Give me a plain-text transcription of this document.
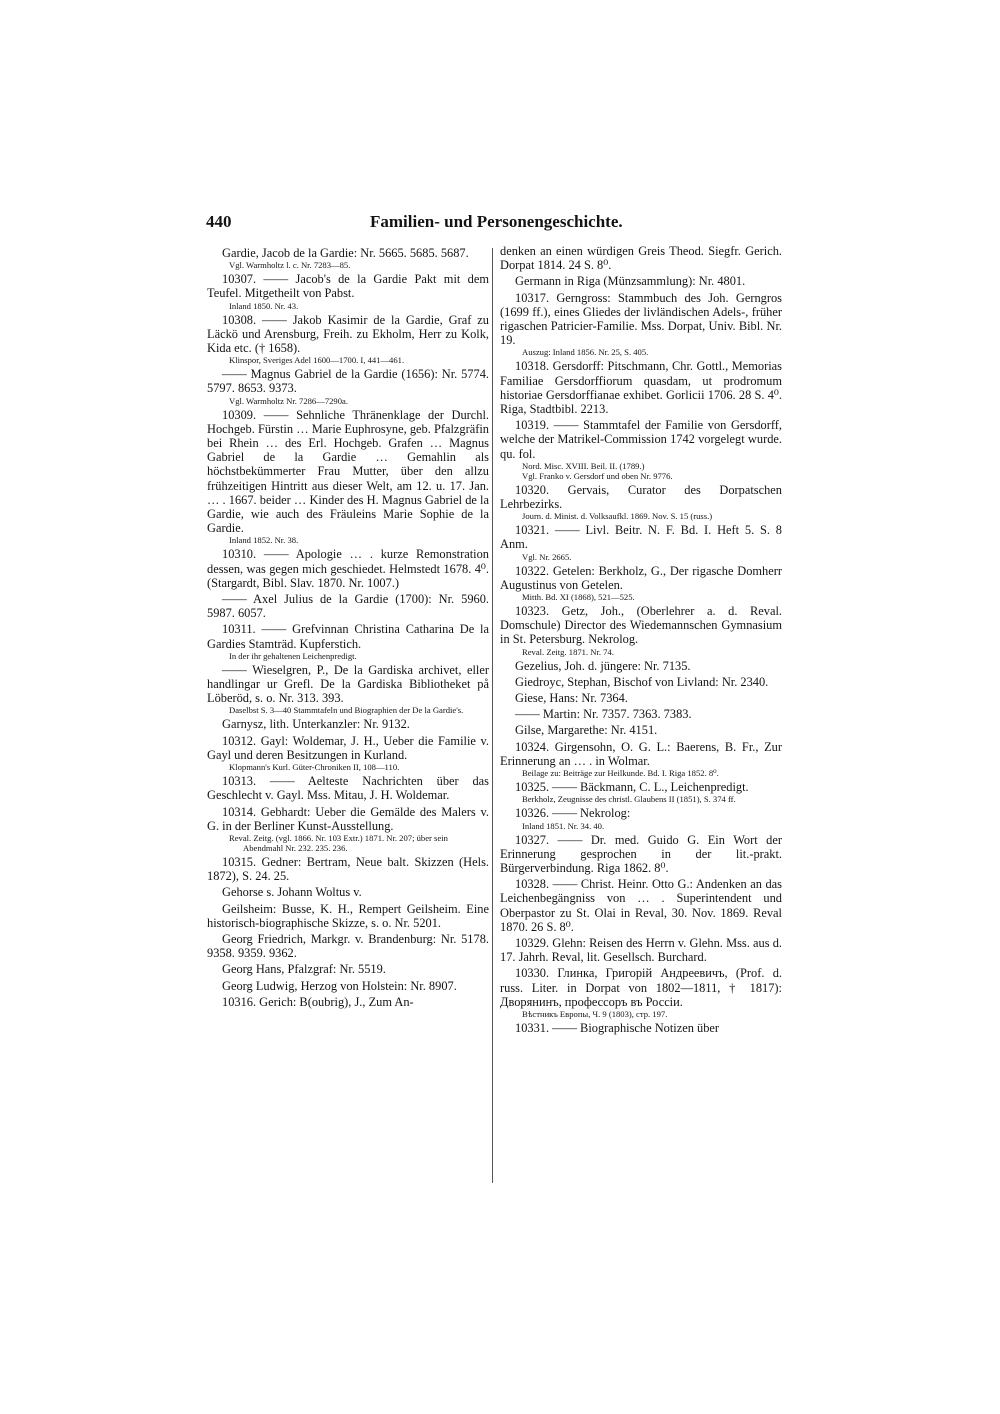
440	Familien- und Personengeschichte.
Gardie, Jacob de la Gardie: Nr. 5665. 5685. 5687.
Vgl. Warmholtz l. c. Nr. 7283—85.
10307. —— Jacob's de la Gardie Pakt mit dem Teufel. Mitgetheilt von Pabst.
Inland 1850. Nr. 43.
10308. —— Jakob Kasimir de la Gardie, Graf zu Läckö und Arensburg, Freih. zu Ekholm, Herr zu Kolk, Kida etc. († 1658).
Klinspor, Sveriges Adel 1600—1700. I, 441—461.
—— Magnus Gabriel de la Gardie (1656): Nr. 5774. 5797. 8653. 9373.
Vgl. Warmholtz Nr. 7286—7290a.
10309. —— Sehnliche Thränenklage der Durchl. Hochgeb. Fürstin … Marie Euphrosyne, geb. Pfalzgräfin bei Rhein … des Erl. Hochgeb. Grafen … Magnus Gabriel de la Gardie … Gemahlin als höchstbekümmerter Frau Mutter, über den allzu frühzeitigen Hintritt aus dieser Welt, am 12. u. 17. Jan. … . 1667. beider … Kinder des H. Magnus Gabriel de la Gardie, wie auch des Fräuleins Marie Sophie de la Gardie.
Inland 1852. Nr. 38.
10310. —— Apologie … . kurze Remonstration dessen, was gegen mich geschiedet. Helmstedt 1678. 4⁰. (Stargardt, Bibl. Slav. 1870. Nr. 1007.)
—— Axel Julius de la Gardie (1700): Nr. 5960. 5987. 6057.
10311. —— Grefvinnan Christina Catharina De la Gardies Stamträd. Kupferstich.
In der ihr gehaltenen Leichenpredigt.
—— Wieselgren, P., De la Gardiska archivet, eller handlingar ur Grefl. De la Gardiska Bibliotheket på Löberöd, s. o. Nr. 313. 393.
Daselbst S. 3—40 Stammtafeln und Biographien der De la Gardie's.
Garnysz, lith. Unterkanzler: Nr. 9132.
10312. Gayl: Woldemar, J. H., Ueber die Familie v. Gayl und deren Besitzungen in Kurland.
Klopmann's Kurl. Güter-Chroniken II, 108—110.
10313. —— Aelteste Nachrichten über das Geschlecht v. Gayl. Mss. Mitau, J. H. Woldemar.
10314. Gebhardt: Ueber die Gemälde des Malers v. G. in der Berliner Kunst-Ausstellung.
Reval. Zeitg. (vgl. 1866. Nr. 103 Extr.) 1871. Nr. 207; über sein Abendmahl Nr. 232. 235. 236.
10315. Gedner: Bertram, Neue balt. Skizzen (Hels. 1872), S. 24. 25.
Gehorse s. Johann Woltus v.
Geilsheim: Busse, K. H., Rempert Geilsheim. Eine historisch-biographische Skizze, s. o. Nr. 5201.
Georg Friedrich, Markgr. v. Brandenburg: Nr. 5178. 9358. 9359. 9362.
Georg Hans, Pfalzgraf: Nr. 5519.
Georg Ludwig, Herzog von Holstein: Nr. 8907.
10316. Gerich: B(oubrig), J., Zum An-
denken an einen würdigen Greis Theod. Siegfr. Gerich. Dorpat 1814. 24 S. 8⁰.
Germann in Riga (Münzsammlung): Nr. 4801.
10317. Gerngross: Stammbuch des Joh. Gerngros (1699 ff.), eines Gliedes der livländischen Adels-, früher rigaschen Patricier-Familie. Mss. Dorpat, Univ. Bibl. Nr. 19.
Auszug: Inland 1856. Nr. 25, S. 405.
10318. Gersdorff: Pitschmann, Chr. Gottl., Memorias Familiae Gersdorffiorum quasdam, ut prodromum historiae Gersdorffianae exhibet. Gorlicii 1706. 28 S. 4⁰. Riga, Stadtbibl. 2213.
10319. —— Stammtafel der Familie von Gersdorff, welche der Matrikel-Commission 1742 vorgelegt wurde. qu. fol.
Nord. Misc. XVIII. Beil. II. (1789.)
Vgl. Franko v. Gersdorf und oben Nr. 9776.
10320. Gervais, Curator des Dorpatschen Lehrbezirks.
Journ. d. Minist. d. Volksaufkl. 1869. Nov. S. 15 (russ.)
10321. —— Livl. Beitr. N. F. Bd. I. Heft 5. S. 8 Anm.
Vgl. Nr. 2665.
10322. Getelen: Berkholz, G., Der rigasche Domherr Augustinus von Getelen.
Mitth. Bd. XI (1868), 521—525.
10323. Getz, Joh., (Oberlehrer a. d. Reval. Domschule) Director des Wiedemannschen Gymnasium in St. Petersburg. Nekrolog.
Reval. Zeitg. 1871. Nr. 74.
Gezelius, Joh. d. jüngere: Nr. 7135.
Giedroyc, Stephan, Bischof von Livland: Nr. 2340.
Giese, Hans: Nr. 7364.
—— Martin: Nr. 7357. 7363. 7383.
Gilse, Margarethe: Nr. 4151.
10324. Girgensohn, O. G. L.: Baerens, B. Fr., Zur Erinnerung an … . in Wolmar.
Beilage zu: Beiträge zur Heilkunde. Bd. I. Riga 1852. 8⁰.
10325. —— Bäckmann, C. L., Leichenpredigt.
Berkholz, Zeugnisse des christl. Glaubens II (1851), S. 374 ff.
10326. —— Nekrolog:
Inland 1851. Nr. 34. 40.
10327. —— Dr. med. Guido G. Ein Wort der Erinnerung gesprochen in der lit.-prakt. Bürgerverbindung. Riga 1862. 8⁰.
10328. —— Christ. Heinr. Otto G.: Andenken an das Leichenbegängniss von … . Superintendent und Oberpastor zu St. Olai in Reval, 30. Nov. 1869. Reval 1870. 26 S. 8⁰.
10329. Glehn: Reisen des Herrn v. Glehn. Mss. aus d. 17. Jahrh. Reval, lit. Gesellsch. Burchard.
10330. Глинка, Григорій Андреевичъ, (Prof. d. russ. Liter. in Dorpat von 1802—1811, † 1817): Дворянинъ, профессоръ въ Россіи.
Вѣстникъ Европы, Ч. 9 (1803), стр. 197.
10331. —— Biographische Notizen über
